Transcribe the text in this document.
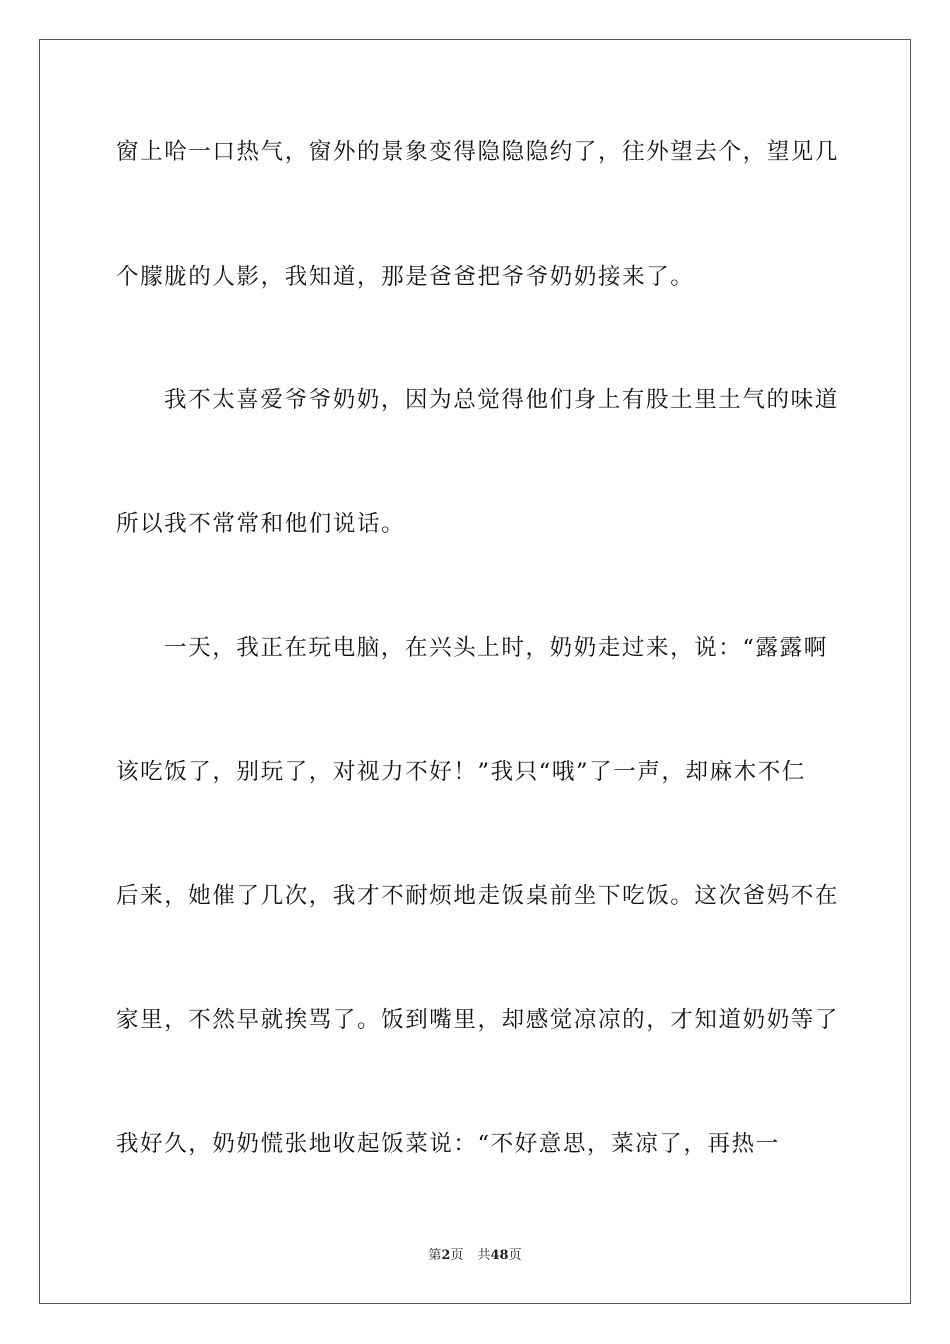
窗上哈一口热气，窗外的景象变得隐隐隐约了，往外望去个，望见几
个朦胧的人影，我知道，那是爸爸把爷爷奶奶接来了。
我不太喜爱爷爷奶奶，因为总觉得他们身上有股土里土气的味道
所以我不常常和他们说话。
一天，我正在玩电脑，在兴头上时，奶奶走过来，说：“露露啊
该吃饭了，别玩了，对视力不好！”我只“哦”了一声，却麻木不仁
后来，她催了几次，我才不耐烦地走饭桌前坐下吃饭。这次爸妈不在
家里，不然早就挨骂了。饭到嘴里，却感觉凉凉的，才知道奶奶等了
我好久，奶奶慌张地收起饭菜说：“不好意思，菜凉了，再热一
第2页 共48页
